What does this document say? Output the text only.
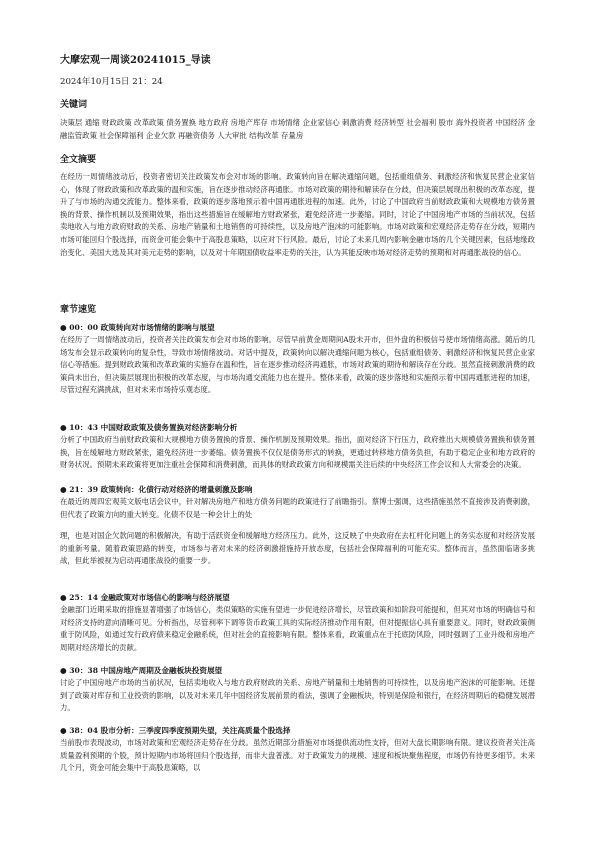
大摩宏观一周谈20241015_导读
2024年10月15日 21：24
关键词
决策层 通缩 财政政策 改革政策 债务置换 地方政府 房地产库存 市场情绪 企业家信心 刺激消费 经济转型 社会福利 股市 海外投资者 中国经济 金融监管政策 社会保障福利 企业欠款 再融资债务 人大审批 结构改革 存量房
全文摘要
在经历一周情绪波动后，投资者密切关注政策发布会对市场的影响。政策转向旨在解决通缩问题，包括重组债务、刺激经济和恢复民营企业家信心，体现了财政政策和改革政策的温和实施，旨在逐步推动经济再通胀。市场对政策的期待和解读存在分歧，但决策层展现出积极的改革态度，提升了与市场的沟通交流能力。整体来看，政策的逐步落地预示着中国再通胀进程的加速。此外，讨论了中国政府当前财政政策和大规模地方债务置换的背景、操作机制以及预期效果，指出这些措施旨在缓解地方财政紧张，避免经济进一步萎缩。同时，讨论了中国房地产市场的当前状况，包括卖地收入与地方政府财政的关系、房地产销量和土地销售的可持续性，以及房地产泡沫的可能影响。市场对政策和宏观经济走势存在分歧，短期内市场可能回归个股选择，而资金可能会集中于高股息策略，以应对下行风险。最后，讨论了未来几周内影响金融市场的几个关键因素，包括地缘政治变化、美国大选及其对美元走势的影响，以及对十年期国债收益率走势的关注，认为其能反映市场对经济走势的预期和对再通胀战役的信心。
章节速览
● 00：00 政策转向对市场情绪的影响与展望
在经历了一周情绪波动后，投资者关注政策发布会对市场的影响。尽管早前黄金周期间A股未开市，但外盘的积极信号使市场情绪高涨。随后的几场发布会显示政策转向的复杂性，导致市场情绪波动。对话中提及，政策转向以解决通缩问题为核心，包括重组债务、刺激经济和恢复民营企业家信心等措施。提到财政政策和改革政策的实施存在温和性，旨在逐步推动经济再通胀，市场对政策的期待和解读存在分歧。虽然直接刺激消费的政策尚未出台，但决策层展现出积极的改革态度，与市场沟通交流能力也在提升。整体来看，政策的逐步落地和实施预示着中国再通胀进程的加速，尽管过程充满挑战，但对未来市场持乐观态度。
● 10：43 中国财政政策及债务置换对经济影响分析
分析了中国政府当前财政政策和大规模地方债务置换的背景、操作机制及预期效果。指出，面对经济下行压力，政府推出大规模债务置换和债务置换，旨在缓解地方财政紧张，避免经济进一步萎缩。债务置换不仅仅是债务形式的转换，更通过转移地方债务负担，有助于稳定企业和地方政府的财务状况。预期未来政策将更加注重社会保障和消费刺激，而具体的财政政策方向和规模需关注后续的中央经济工作会议和人大常委会的决策。
● 21：39 政策转向：化债行动对经济的增量刺激及影响
在最近的周四宏观英文版电话会议中，针对解决房地产和地方债务问题的政策进行了前瞻指引。蔡博士强调，这些措施虽然不直接涉及消费刺激，但代表了政策方向的重大转变。化债不仅是一种会计上的处
理，也是对国企欠款问题的积极解决，有助于活跃资金和缓解地方经济压力。此外，这反映了中央政府在去杠杆化问题上的务实态度和对经济发展的重新考量。随着政策思路的转变，市场参与者对未来的经济刺激措施持开放态度，包括社会保障福利的可能充实。整体而言，虽然面临诸多挑战，但此举被视为启动再通胀战役的重要一步。
● 25：14 金融政策对市场信心的影响与经济展望
金融部门近期采取的措施显著增强了市场信心，类似策略的实施有望进一步促进经济增长，尽管政策和如阶段可能提和，但其对市场的明确信号和对经济支持的意向清晰可见。分析指出，尽管利率下调等货币政策工具的实际经济推动作用有限，但对提振信心具有重要意义。同时，财政政策侧重于防风险，如通过发行政府债来稳定金融系统，但对社会的直接影响有限。整体来看，政策重点在于托底防风险，同时强调了工业升级和房地产周期对经济增长的贡献。
● 30：38 中国房地产周期及金融板块投资展望
讨论了中国房地产市场的当前状况，包括卖地收入与地方政府财政的关系、房地产销量和土地销售的可持续性，以及房地产泡沫的可能影响。还提到了政策对库存和工业投资的影响，以及对未来几年中国经济发展前景的看法，强调了金融板块，特别是保险和银行，在经济周期后的稳健发展潜力。
● 38：04 股市分析：三季度四季度预期失望，关注高质量个股选择
当前股市表现波动，市场对政策和宏观经济走势存在分歧。虽然近期部分措施对市场提供流动性支持，但对大盘长期影响有限。建议投资者关注高质量盈利预期的个股，预计短期内市场将回归个股选择，而非大盘普涨。对于政策发力的规模、速度和板块聚焦程度，市场仍有待更多细节。未来几个月，资金可能会集中于高股息策略，以
